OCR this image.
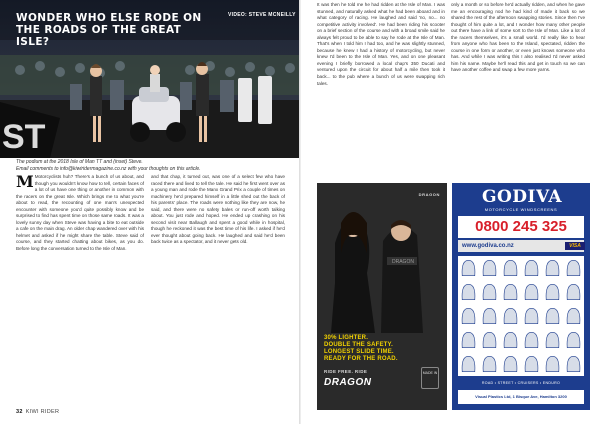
ST
WONDER WHO ELSE RODE ON
THE ROADS OF THE GREAT ISLE?
VIDEO: STEVE MCNEILLY
The podium at the 2018 Isle of Man TT and (inset) Steve.
Email comments to info@kiwiridermagazine.co.nz with your thoughts on this article.
M Motorcyclists huh? There's a bunch of us about, and though you wouldn't know how to tell, certain faces of a lot of us have one thing or another in common with the racers on the great Isle. Which brings me to what you're about to read, the recounting of one man's unexpected encounter with someone you'd quite possibly know and be surprised to find has spent time on those same roads. It was a lovely sunny day when Steve was having a bite to eat outside a cafe on the main drag. An older chap wandered over with his helmet and asked if he might share the table. Steve said of course, and they started chatting about bikes, as you do. Before long the conversation turned to the Isle of Man.
and that chap, it turned out, was one of a select few who have raced there and lived to tell the tale. He said he first went over as a young man and rode the Manx Grand Prix a couple of times on machinery he'd prepared himself in a little shed out the back of his parents' place. The roads were nothing like they are now, he said, and there were no safety bales or run-off worth talking about. You just rode and hoped. He ended up crashing on his second visit near Ballaugh and spent a good while in hospital, though he reckoned it was the best time of his life. I asked if he'd ever thought about going back. He laughed and said he'd been back twice as a spectator, and it never gets old.
32 KIWI RIDER
It was then he told me he had ridden at the Isle of Man. I was stunned, and naturally asked what he had been aboard and in what category of racing. He laughed and said 'no, no... no competitive activity involved'. He had been riding his scooter on a brief section of the course and with a broad smile said he always felt proud to be able to say he rode at the Isle of Man. That's when I told him I had too, and he was slightly stunned, because he knew I had a history of motorcycling, but never knew I'd been to the Isle of Man. Yes, and on one pleasant evening I briefly borrowed a local chap's 350 Ducati and ventured upon the circuit for about half a mile then took it back... to the pub where a bunch of us were swapping rich tales.
only a month or so before he'd actually ridden, and when he gave me an encouraging nod he had kind of made it back so we shared the rest of the afternoon swapping stories. Since then I've thought of him quite a lot, and I wonder how many other people out there have a link of some sort to the Isle of Man. Like a lot of the racers themselves, it's a small world. I'd really like to hear from anyone who has been to the Island, spectated, ridden the course in one form or another, or even just knows someone who has. And while I was writing this I also realised I'd never asked him his name. Maybe he'll read this and get in touch so we can have another coffee and swap a few more yarns.
DRAGON
DRAGON
30% LIGHTER.
DOUBLE THE SAFETY.
LONGEST SLIDE TIME.
READY FOR THE ROAD.
RIDE FREE. RIDE
DRAGON
MADE IN
GODIVA
MOTORCYCLE WINDSCREENS
0800 245 325
www.godiva.co.nz	VISA
ROAD • STREET • CRUISERS • ENDURO
Visual Plastics Ltd, 1 Bisque Ave, Hamilton 3200
